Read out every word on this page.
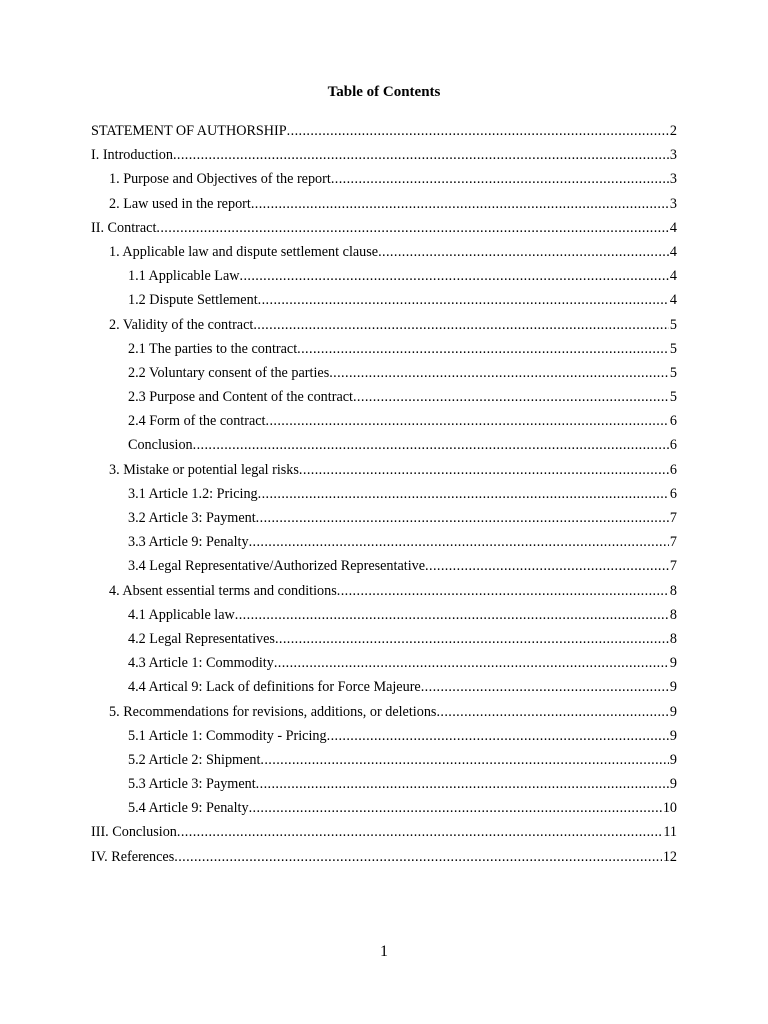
Table of Contents
STATEMENT OF AUTHORSHIP .....	2
I. Introduction .....	3
1. Purpose and Objectives of the report .....	3
2. Law used in the report .....	3
II. Contract .....	4
1. Applicable law and dispute settlement clause .....	4
1.1 Applicable Law .....	4
1.2 Dispute Settlement .....	4
2. Validity of the contract .....	5
2.1 The parties to the contract .....	5
2.2 Voluntary consent of the parties .....	5
2.3 Purpose and Content of the contract .....	5
2.4 Form of the contract .....	6
Conclusion .....	6
3. Mistake or potential legal risks .....	6
3.1 Article 1.2: Pricing .....	6
3.2 Article 3: Payment .....	7
3.3 Article 9: Penalty .....	7
3.4 Legal Representative/Authorized Representative .....	7
4. Absent essential terms and conditions .....	8
4.1 Applicable law .....	8
4.2 Legal Representatives .....	8
4.3 Article 1: Commodity .....	9
4.4 Artical 9: Lack of definitions for Force Majeure .....	9
5. Recommendations for revisions, additions, or deletions .....	9
5.1 Article 1: Commodity - Pricing .....	9
5.2 Article 2: Shipment .....	9
5.3 Article 3: Payment .....	9
5.4 Article 9: Penalty .....	10
III. Conclusion .....	11
IV. References .....	12
1
